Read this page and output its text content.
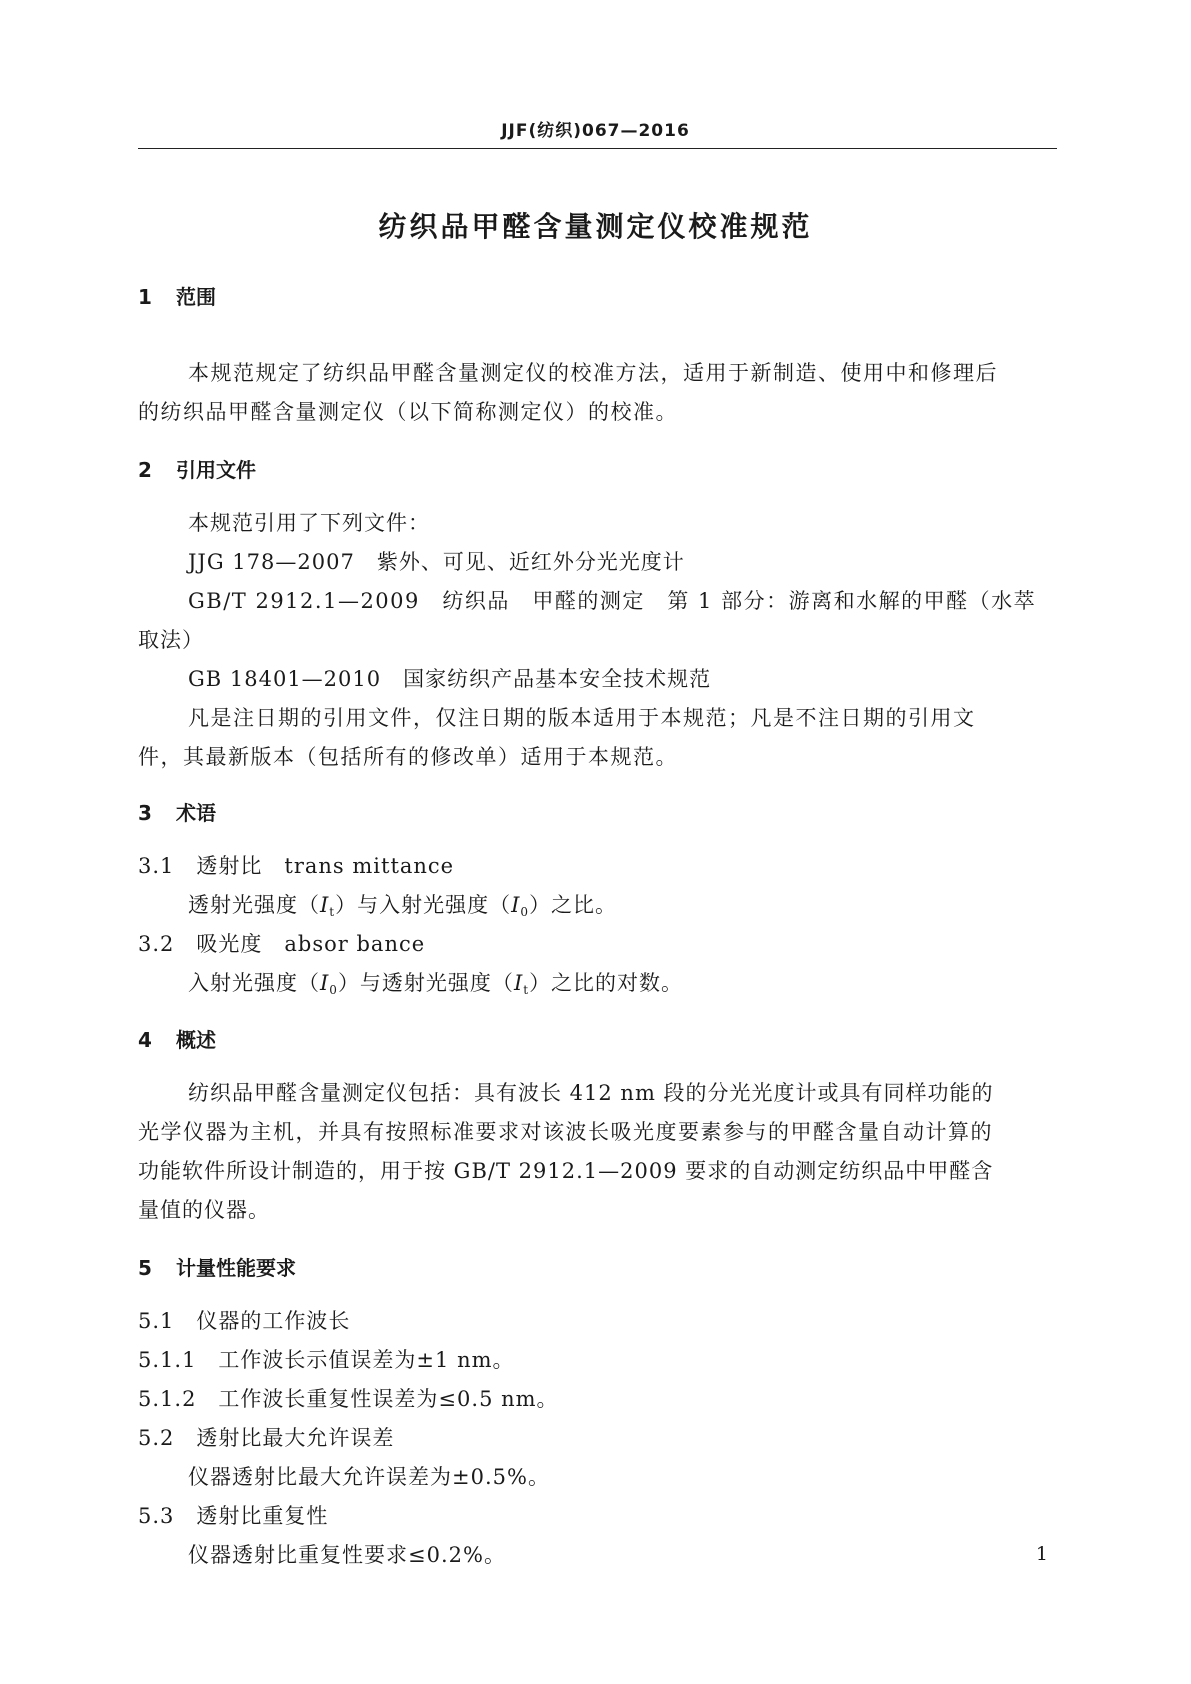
JJF(纺织)067—2016
纺织品甲醛含量测定仪校准规范
1 范围
本规范规定了纺织品甲醛含量测定仪的校准方法，适用于新制造、使用中和修理后
的纺织品甲醛含量测定仪（以下简称测定仪）的校准。
2 引用文件
本规范引用了下列文件：
JJG 178—2007　紫外、可见、近红外分光光度计
GB/T 2912.1—2009　纺织品　甲醛的测定　第 1 部分：游离和水解的甲醛（水萃
取法）
GB 18401—2010　国家纺织产品基本安全技术规范
凡是注日期的引用文件，仅注日期的版本适用于本规范；凡是不注日期的引用文
件，其最新版本（包括所有的修改单）适用于本规范。
3 术语
3.1　透射比　trans mittance
透射光强度$(I_t)$与入射光强度$(I_0)$之比。
3.2　吸光度　absor bance
入射光强度$(I_0)$与透射光强度$(I_t)$之比的对数。
4 概述
纺织品甲醛含量测定仪包括：具有波长 412 nm 段的分光光度计或具有同样功能的
光学仪器为主机，并具有按照标准要求对该波长吸光度要素参与的甲醛含量自动计算的
功能软件所设计制造的，用于按 GB/T 2912.1—2009 要求的自动测定纺织品中甲醛含
量值的仪器。
5 计量性能要求
5.1　仪器的工作波长
5.1.1　工作波长示值误差为±1 nm。
5.1.2　工作波长重复性误差为≤0.5 nm。
5.2　透射比最大允许误差
仪器透射比最大允许误差为±0.5%。
5.3　透射比重复性
仪器透射比重复性要求≤0.2%。	1
